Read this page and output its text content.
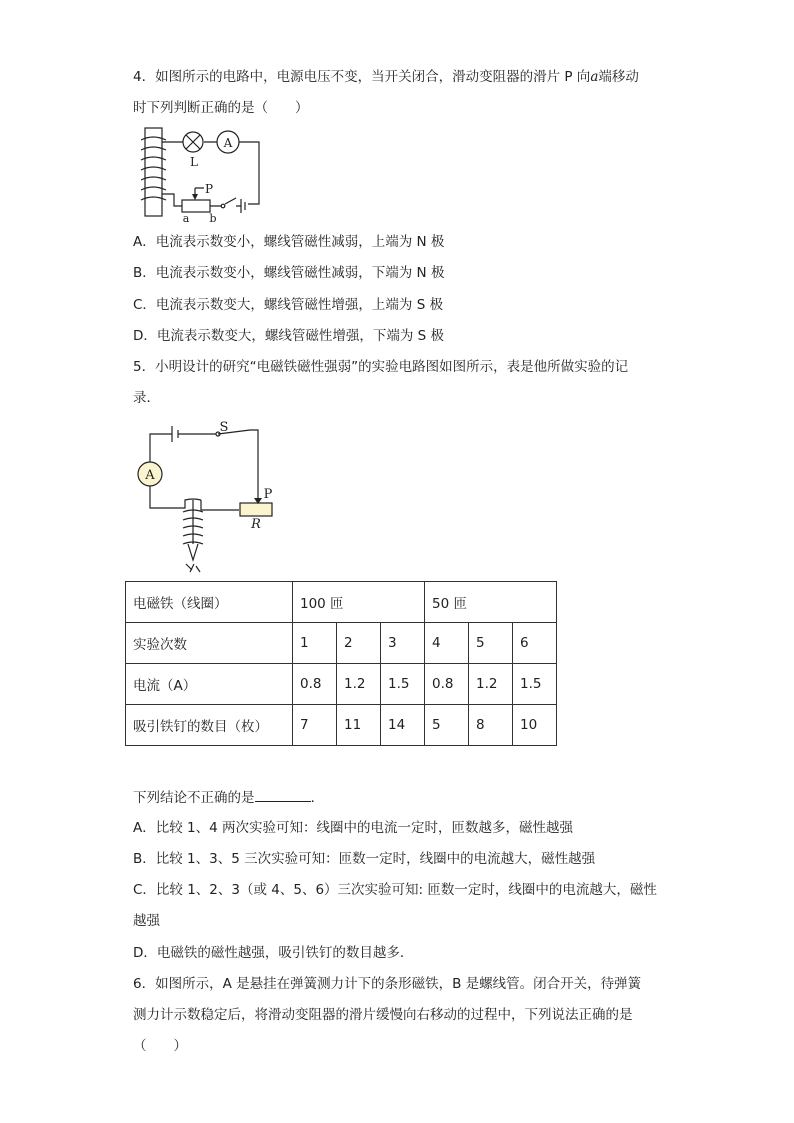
4．如图所示的电路中，电源电压不变，当开关闭合，滑动变阻器的滑片 P 向a端移动
时下列判断正确的是（　　）
A
L
P
a b
A．电流表示数变小，螺线管磁性减弱，上端为 N 极
B．电流表示数变小，螺线管磁性减弱，下端为 N 极
C．电流表示数变大，螺线管磁性增强，上端为 S 极
D．电流表示数变大，螺线管磁性增强，下端为 S 极
5．小明设计的研究“电磁铁磁性强弱”的实验电路图如图所示，表是他所做实验的记
录．
A
S
P
R
电磁铁（线圈）	100 匝			50 匝		
实验次数	1	2	3	4	5	6
电流（A）	0.8	1.2	1.5	0.8	1.2	1.5
吸引铁钉的数目（枚）	7	11	14	5	8	10
下列结论不正确的是	.
A．比较 1、4 两次实验可知：线圈中的电流一定时，匝数越多，磁性越强
B．比较 1、3、5 三次实验可知：匝数一定时，线圈中的电流越大，磁性越强
C．比较 1、2、3（或 4、5、6）三次实验可知: 匝数一定时，线圈中的电流越大，磁性
越强
D．电磁铁的磁性越强，吸引铁钉的数目越多．
6．如图所示，A 是悬挂在弹簧测力计下的条形磁铁，B 是螺线管。闭合开关，待弹簧
测力计示数稳定后，将滑动变阻器的滑片缓慢向右移动的过程中，下列说法正确的是
（　　）
